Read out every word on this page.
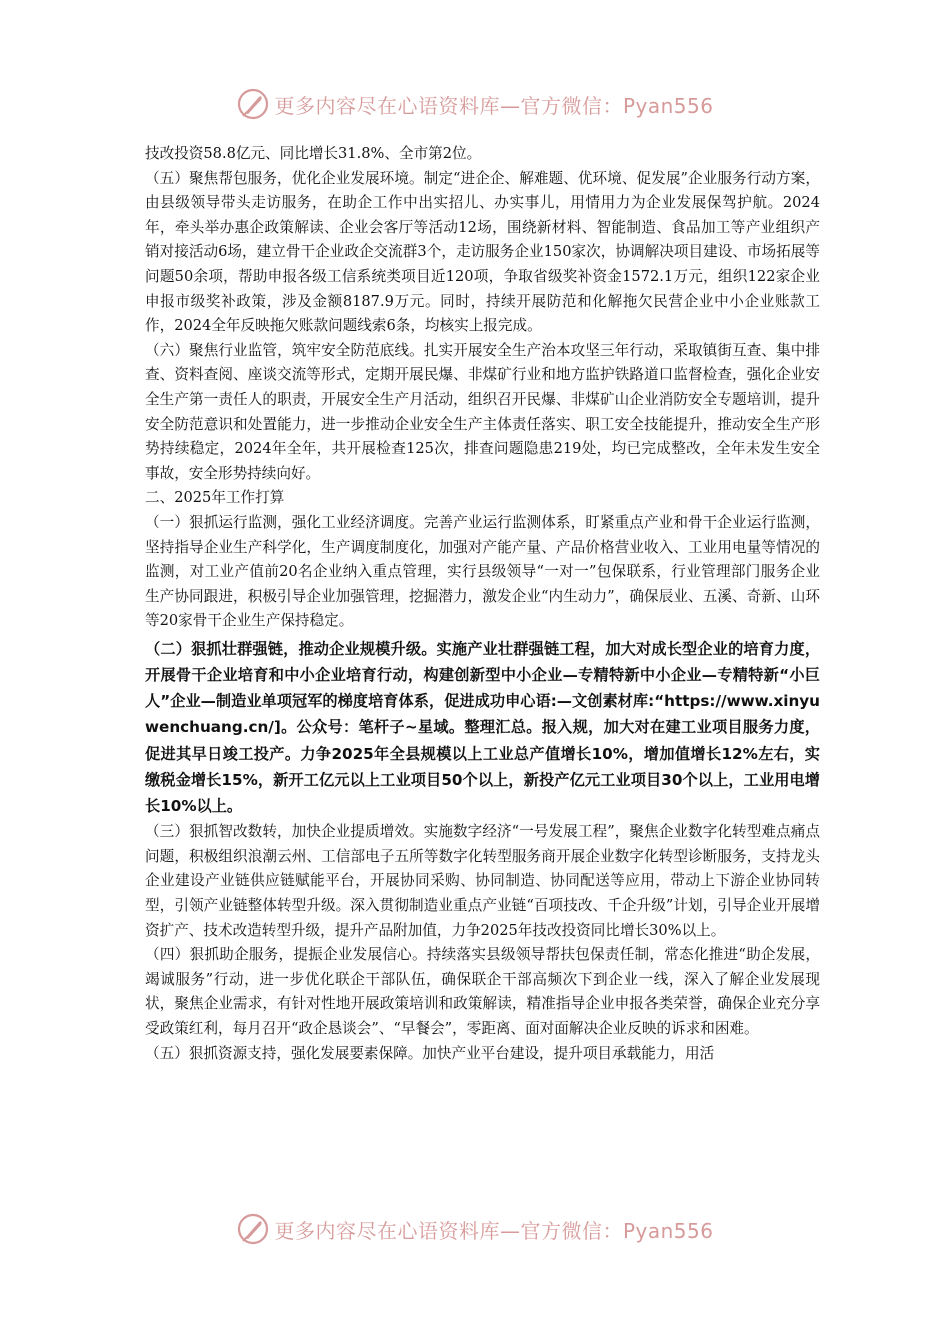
更多内容尽在心语资料库—官方微信：Pyan556

技改投资58.8亿元、同比增长31.8%、全市第2位。

（五）聚焦帮包服务，优化企业发展环境。制定“进企企、解难题、优环境、促发展”企业服务行动方案，由县级领导带头走访服务，在助企工作中出实招儿、办实事儿，用情用力为企业发展保驾护航。2024年，牵头举办惠企政策解读、企业会客厅等活动12场，围绕新材料、智能制造、食品加工等产业组织产销对接活动6场，建立骨干企业政企交流群3个，走访服务企业150家次，协调解决项目建设、市场拓展等问题50余项，帮助申报各级工信系统类项目近120项，争取省级奖补资金1572.1万元，组织122家企业申报市级奖补政策，涉及金额8187.9万元。同时，持续开展防范和化解拖欠民营企业中小企业账款工作，2024全年反映拖欠账款问题线索6条，均核实上报完成。

（六）聚焦行业监管，筑牢安全防范底线。扎实开展安全生产治本攻坚三年行动，采取镇街互查、集中排查、资料查阅、座谈交流等形式，定期开展民爆、非煤矿行业和地方监护铁路道口监督检查，强化企业安全生产第一责任人的职责，开展安全生产月活动，组织召开民爆、非煤矿山企业消防安全专题培训，提升安全防范意识和处置能力，进一步推动企业安全生产主体责任落实、职工安全技能提升，推动安全生产形势持续稳定，2024年全年，共开展检查125次，排查问题隐患219处，均已完成整改，全年未发生安全事故，安全形势持续向好。

二、2025年工作打算

（一）狠抓运行监测，强化工业经济调度。完善产业运行监测体系，盯紧重点产业和骨干企业运行监测，坚持指导企业生产科学化，生产调度制度化，加强对产能产量、产品价格营业收入、工业用电量等情况的监测，对工业产值前20名企业纳入重点管理，实行县级领导“一对一”包保联系，行业管理部门服务企业生产协同跟进，积极引导企业加强管理，挖掘潜力，激发企业“内生动力”，确保辰业、五溪、奇新、山环等20家骨干企业生产保持稳定。

（二）狠抓壮群强链，推动企业规模升级。实施产业壮群强链工程，加大对成长型企业的培育力度，开展骨干企业培育和中小企业培育行动，构建创新型中小企业—专精特新中小企业—专精特新“小巨人”企业—制造业单项冠军的梯度培育体系，促进成功申心语:—文创素材库:“https://www.xinyuwenchuang.cn/]。公众号：笔杆子~星域。整理汇总。报入规，加大对在建工业项目服务力度，促进其早日竣工投产。力争2025年全县规模以上工业总产值增长10%，增加值增长12%左右，实缴税金增长15%，新开工亿元以上工业项目50个以上，新投产亿元工业项目30个以上，工业用电增长10%以上。

（三）狠抓智改数转，加快企业提质增效。实施数字经济“一号发展工程”，聚焦企业数字化转型难点痛点问题，积极组织浪潮云州、工信部电子五所等数字化转型服务商开展企业数字化转型诊断服务，支持龙头企业建设产业链供应链赋能平台，开展协同采购、协同制造、协同配送等应用，带动上下游企业协同转型，引领产业链整体转型升级。深入贯彻制造业重点产业链“百项技改、千企升级”计划，引导企业开展增资扩产、技术改造转型升级，提升产品附加值，力争2025年技改投资同比增长30%以上。

（四）狠抓助企服务，提振企业发展信心。持续落实县级领导帮扶包保责任制，常态化推进“助企发展，竭诚服务”行动，进一步优化联企干部队伍，确保联企干部高频次下到企业一线，深入了解企业发展现状，聚焦企业需求，有针对性地开展政策培训和政策解读，精准指导企业申报各类荣誉，确保企业充分享受政策红利，每月召开“政企恳谈会”、“早餐会”，零距离、面对面解决企业反映的诉求和困难。

（五）狠抓资源支持，强化发展要素保障。加快产业平台建设，提升项目承载能力，用活

更多内容尽在心语资料库—官方微信：Pyan556
